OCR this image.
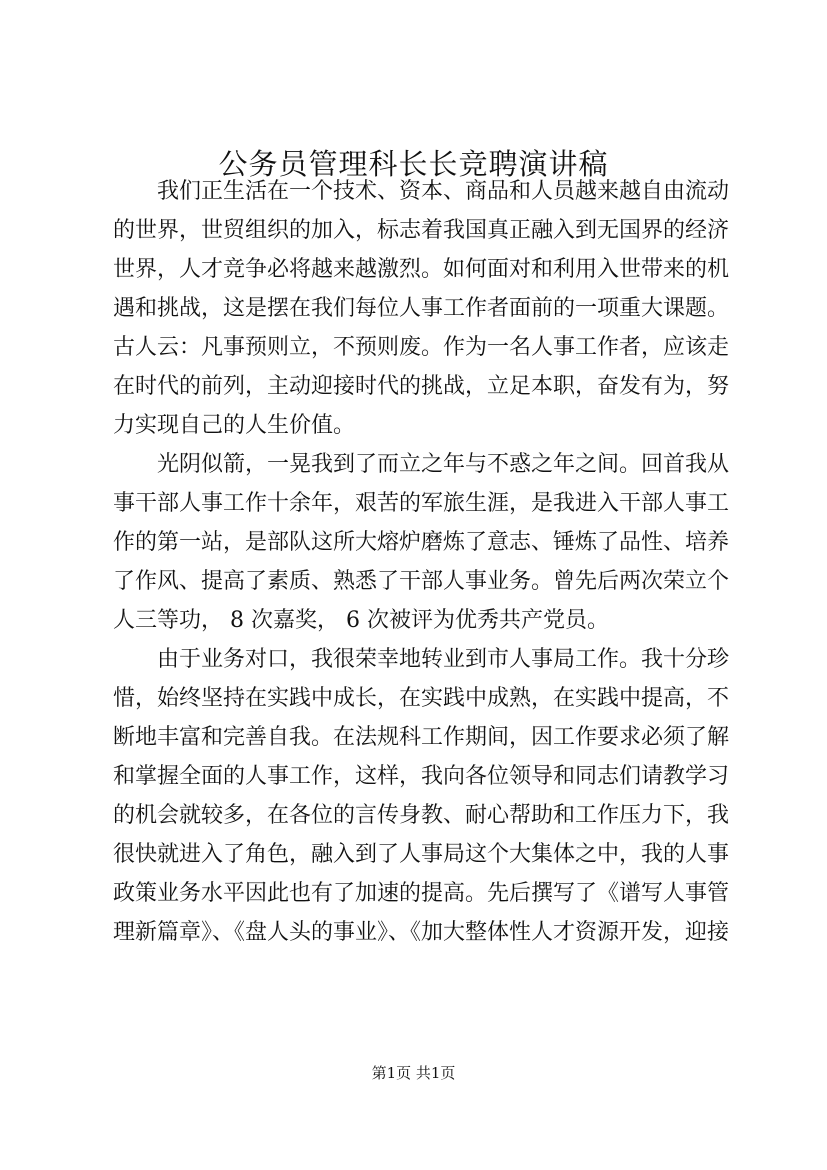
公务员管理科长长竞聘演讲稿
我们正生活在一个技术、资本、商品和人员越来越自由流动
的世界，世贸组织的加入，标志着我国真正融入到无国界的经济
世界，人才竞争必将越来越激烈。如何面对和利用入世带来的机
遇和挑战，这是摆在我们每位人事工作者面前的一项重大课题。
古人云：凡事预则立，不预则废。作为一名人事工作者，应该走
在时代的前列，主动迎接时代的挑战，立足本职，奋发有为，努
力实现自己的人生价值。
光阴似箭，一晃我到了而立之年与不惑之年之间。回首我从
事干部人事工作十余年，艰苦的军旅生涯，是我进入干部人事工
作的第一站，是部队这所大熔炉磨炼了意志、锤炼了品性、培养
了作风、提高了素质、熟悉了干部人事业务。曾先后两次荣立个
人三等功， 8 次嘉奖， 6 次被评为优秀共产党员。
由于业务对口，我很荣幸地转业到市人事局工作。我十分珍
惜，始终坚持在实践中成长，在实践中成熟，在实践中提高，不
断地丰富和完善自我。在法规科工作期间，因工作要求必须了解
和掌握全面的人事工作，这样，我向各位领导和同志们请教学习
的机会就较多，在各位的言传身教、耐心帮助和工作压力下，我
很快就进入了角色，融入到了人事局这个大集体之中，我的人事
政策业务水平因此也有了加速的提高。先后撰写了《谱写人事管
理新篇章》、《盘人头的事业》、《加大整体性人才资源开发，迎接
第1页 共1页
